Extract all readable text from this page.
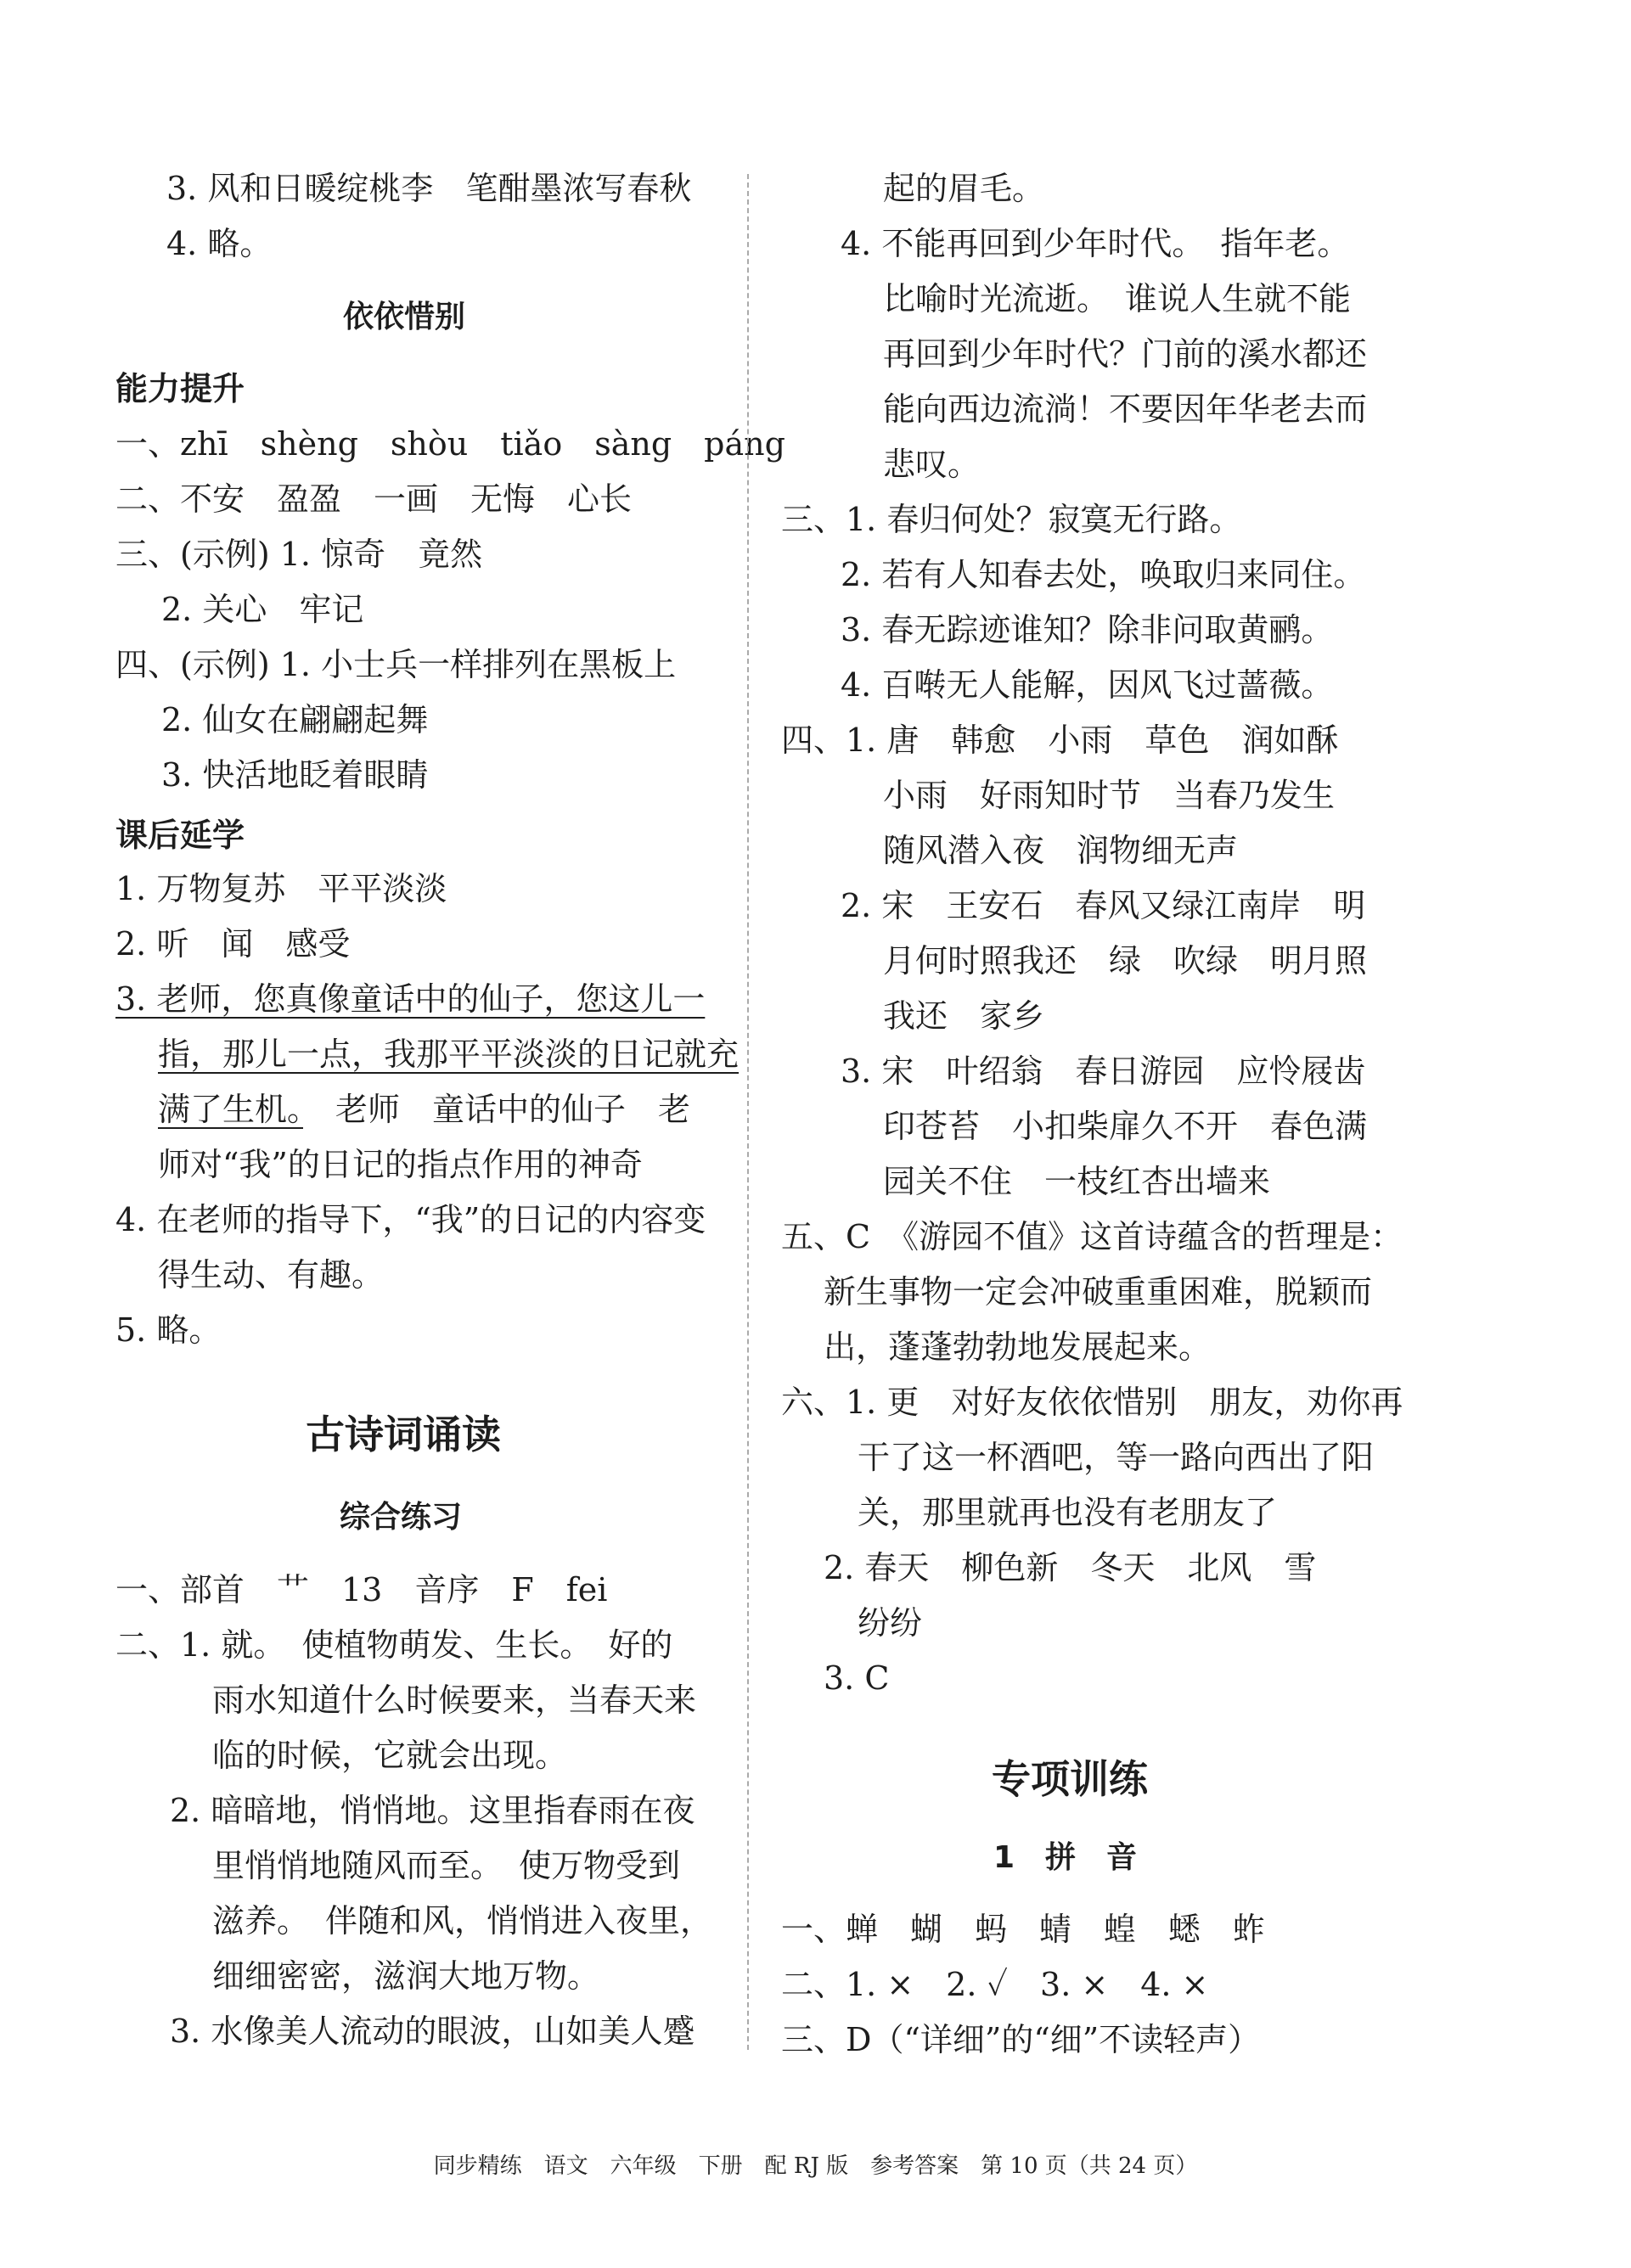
3. 风和日暖绽桃李　笔酣墨浓写春秋
4. 略。
依依惜别
能力提升
一、zhī　shèng　shòu　tiǎo　sàng　páng
二、不安　盈盈　一画　无悔　心长
三、(示例) 1. 惊奇　竟然
2. 关心　牢记
四、(示例) 1. 小士兵一样排列在黑板上
2. 仙女在翩翩起舞
3. 快活地眨着眼睛
课后延学
1. 万物复苏　平平淡淡
2. 听　闻　感受
3. 老师，您真像童话中的仙子，您这儿一
指，那儿一点，我那平平淡淡的日记就充
满了生机。　老师　童话中的仙子　老
师对“我”的日记的指点作用的神奇
4. 在老师的指导下，“我”的日记的内容变
得生动、有趣。
5. 略。
古诗词诵读
综合练习
一、部首　艹　13　音序　F　fei
二、1. 就。　使植物萌发、生长。　好的
雨水知道什么时候要来，当春天来
临的时候，它就会出现。
2. 暗暗地，悄悄地。这里指春雨在夜
里悄悄地随风而至。　使万物受到
滋养。　伴随和风，悄悄进入夜里，
细细密密，滋润大地万物。
3. 水像美人流动的眼波，山如美人蹙
起的眉毛。
4. 不能再回到少年时代。　指年老。
比喻时光流逝。　谁说人生就不能
再回到少年时代？门前的溪水都还
能向西边流淌！不要因年华老去而
悲叹。
三、1. 春归何处？寂寞无行路。
2. 若有人知春去处，唤取归来同住。
3. 春无踪迹谁知？除非问取黄鹂。
4. 百啭无人能解，因风飞过蔷薇。
四、1. 唐　韩愈　小雨　草色　润如酥
小雨　好雨知时节　当春乃发生
随风潜入夜　润物细无声
2. 宋　王安石　春风又绿江南岸　明
月何时照我还　绿　吹绿　明月照
我还　家乡
3. 宋　叶绍翁　春日游园　应怜屐齿
印苍苔　小扣柴扉久不开　春色满
园关不住　一枝红杏出墙来
五、C　《游园不值》这首诗蕴含的哲理是：
新生事物一定会冲破重重困难，脱颖而
出，蓬蓬勃勃地发展起来。
六、1. 更　对好友依依惜别　朋友，劝你再
干了这一杯酒吧，等一路向西出了阳
关，那里就再也没有老朋友了
2. 春天　柳色新　冬天　北风　雪
纷纷
3. C
专项训练
1　拼　音
一、蝉　蝴　蚂　蜻　蝗　蟋　蚱
二、1. ×　2. ✓　3. ×　4. ×
三、D（“详细”的“细”不读轻声）
同步精练　语文　六年级　下册　配 RJ 版　参考答案　第 10 页（共 24 页）
